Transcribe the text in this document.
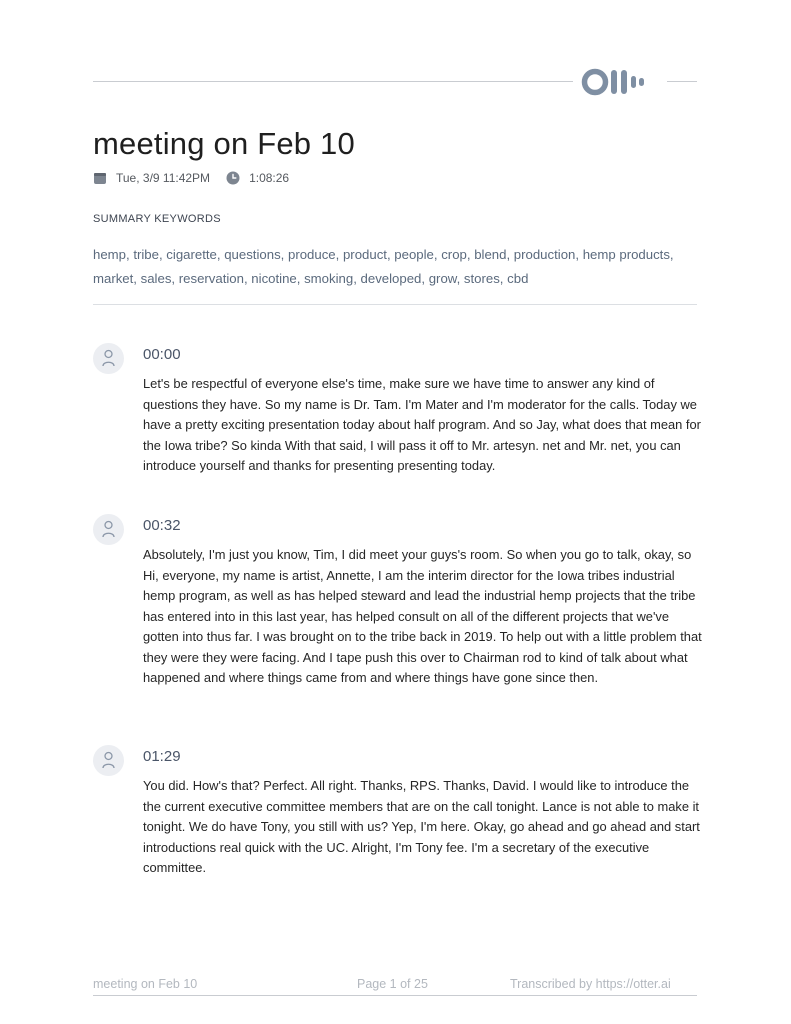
meeting on Feb 10
Tue, 3/9 11:42PM	1:08:26
SUMMARY KEYWORDS
hemp, tribe, cigarette, questions, produce, product, people, crop, blend, production, hemp products, market, sales, reservation, nicotine, smoking, developed, grow, stores, cbd
00:00
Let's be respectful of everyone else's time, make sure we have time to answer any kind of questions they have. So my name is Dr. Tam. I'm Mater and I'm moderator for the calls. Today we have a pretty exciting presentation today about half program. And so Jay, what does that mean for the Iowa tribe? So kinda With that said, I will pass it off to Mr. artesyn. net and Mr. net, you can introduce yourself and thanks for presenting presenting today.
00:32
Absolutely, I'm just you know, Tim, I did meet your guys's room. So when you go to talk, okay, so Hi, everyone, my name is artist, Annette, I am the interim director for the Iowa tribes industrial hemp program, as well as has helped steward and lead the industrial hemp projects that the tribe has entered into in this last year, has helped consult on all of the different projects that we've gotten into thus far. I was brought on to the tribe back in 2019. To help out with a little problem that they were they were facing. And I tape push this over to Chairman rod to kind of talk about what happened and where things came from and where things have gone since then.
01:29
You did. How's that? Perfect. All right. Thanks, RPS. Thanks, David. I would like to introduce the the current executive committee members that are on the call tonight. Lance is not able to make it tonight. We do have Tony, you still with us? Yep, I'm here. Okay, go ahead and go ahead and start introductions real quick with the UC. Alright, I'm Tony fee. I'm a secretary of the executive committee.
meeting on Feb 10	Page 1 of 25	Transcribed by https://otter.ai
